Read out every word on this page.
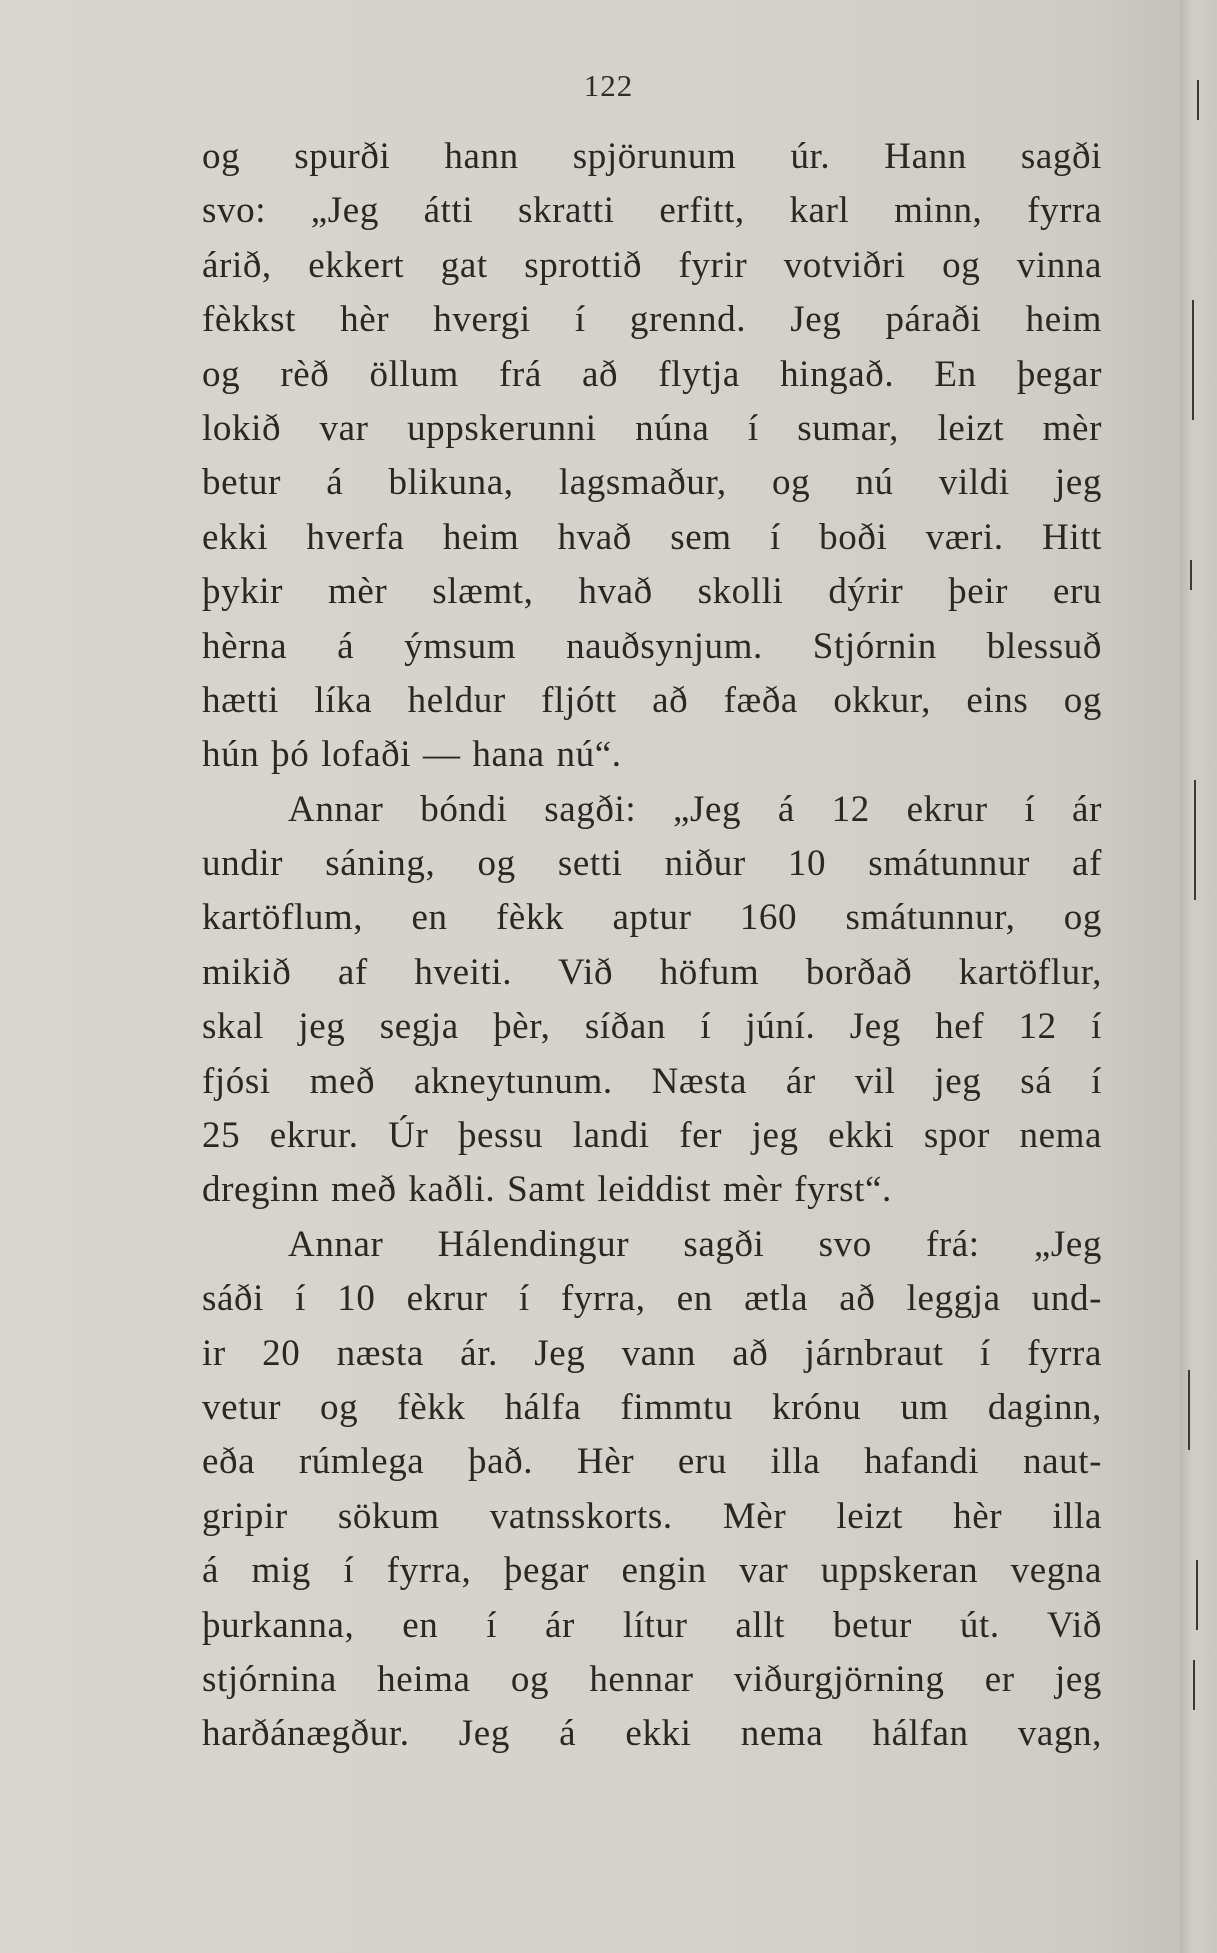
122
og spurði hann spjörunum úr. Hann sagði
svo: „Jeg átti skratti erfitt, karl minn, fyrra
árið, ekkert gat sprottið fyrir votviðri og vinna
fèkkst hèr hvergi í grennd. Jeg páraði heim
og rèð öllum frá að flytja hingað. En þegar
lokið var uppskerunni núna í sumar, leizt mèr
betur á blikuna, lagsmaður, og nú vildi jeg
ekki hverfa heim hvað sem í boði væri. Hitt
þykir mèr slæmt, hvað skolli dýrir þeir eru
hèrna á ýmsum nauðsynjum. Stjórnin blessuð
hætti líka heldur fljótt að fæða okkur, eins og
hún þó lofaði — hana nú“.
Annar bóndi sagði: „Jeg á 12 ekrur í ár
undir sáning, og setti niður 10 smátunnur af
kartöflum, en fèkk aptur 160 smátunnur, og
mikið af hveiti. Við höfum borðað kartöflur,
skal jeg segja þèr, síðan í júní. Jeg hef 12 í
fjósi með akneytunum. Næsta ár vil jeg sá í
25 ekrur. Úr þessu landi fer jeg ekki spor nema
dreginn með kaðli. Samt leiddist mèr fyrst“.
Annar Hálendingur sagði svo frá: „Jeg
sáði í 10 ekrur í fyrra, en ætla að leggja und-
ir 20 næsta ár. Jeg vann að járnbraut í fyrra
vetur og fèkk hálfa fimmtu krónu um daginn,
eða rúmlega það. Hèr eru illa hafandi naut-
gripir sökum vatnsskorts. Mèr leizt hèr illa
á mig í fyrra, þegar engin var uppskeran vegna
þurkanna, en í ár lítur allt betur út. Við
stjórnina heima og hennar viðurgjörning er jeg
harðánægður. Jeg á ekki nema hálfan vagn,
